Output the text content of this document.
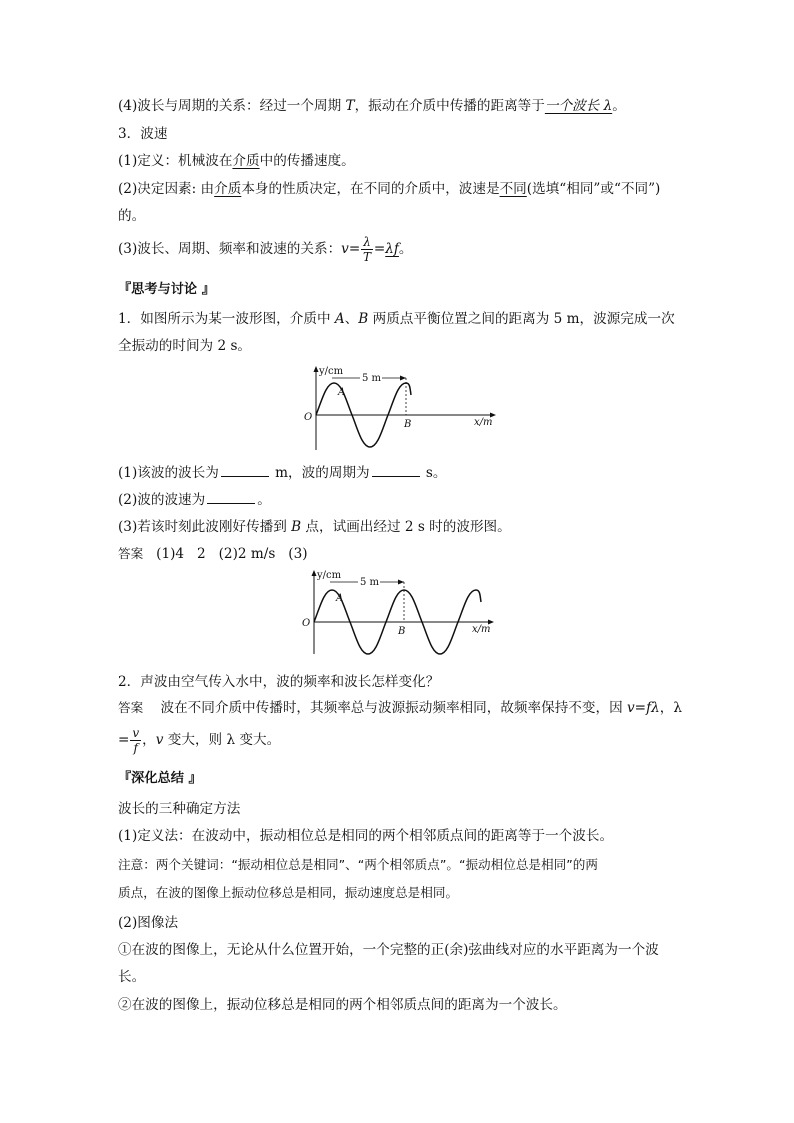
(4)波长与周期的关系：经过一个周期 T，振动在介质中传播的距离等于一个波长 λ。
3．波速
(1)定义：机械波在介质中的传播速度。
(2)决定因素: 由介质本身的性质决定，在不同的介质中，波速是不同(选填“相同”或“不同”)
的。
(3)波长、周期、频率和波速的关系：$v= \frac{\lambda}{T} =\lambda f$。
『思考与讨论 』
1．如图所示为某一波形图，介质中 A、B 两质点平衡位置之间的距离为 5 m，波源完成一次
全振动的时间为 2 s。
5 m
y/cm
x/m
O
A
B
(1)该波的波长为	m，波的周期为	s。
(2)波的波速为	。
(3)若该时刻此波刚好传播到 B 点，试画出经过 2 s 时的波形图。
答案   (1)4   2   (2)2 m/s   (3)
5 m
y/cm
x/m
O
A
B
2．声波由空气传入水中，波的频率和波长怎样变化？
答案    波在不同介质中传播时，其频率总与波源振动频率相同，故频率保持不变，因 v=fλ，λ
= $\frac{v}{f}$ ，v 变大，则 λ 变大。
『深化总结 』
波长的三种确定方法
(1)定义法：在波动中，振动相位总是相同的两个相邻质点间的距离等于一个波长。
注意：两个关键词：“振动相位总是相同”、“两个相邻质点”。“振动相位总是相同”的两
质点，在波的图像上振动位移总是相同，振动速度总是相同。
(2)图像法
①在波的图像上，无论从什么位置开始，一个完整的正(余)弦曲线对应的水平距离为一个波
长。
②在波的图像上，振动位移总是相同的两个相邻质点间的距离为一个波长。
